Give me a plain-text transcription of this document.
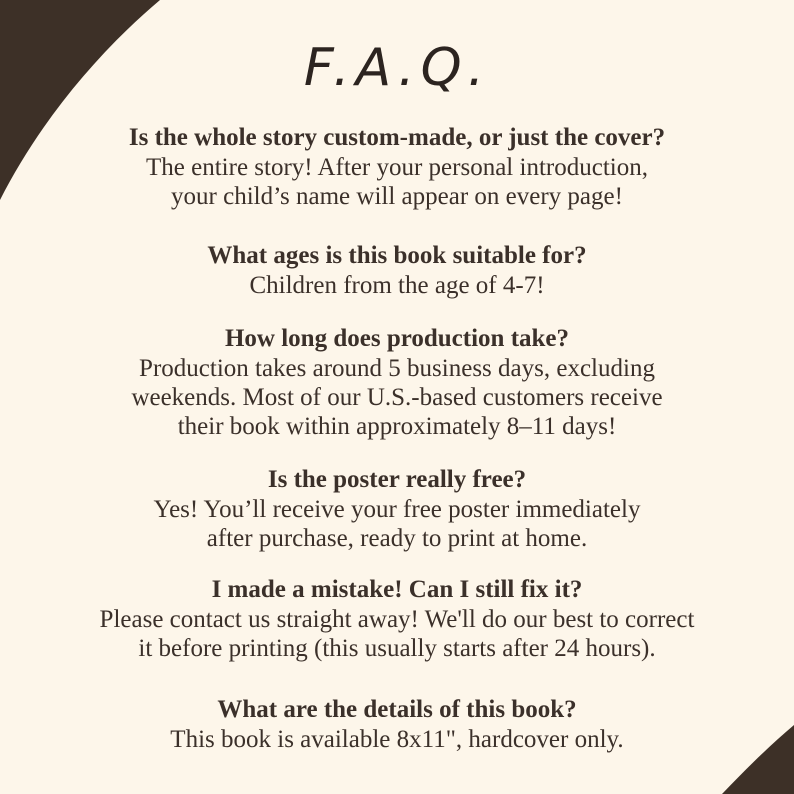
F.A.Q.
Is the whole story custom-made, or just the cover?
The entire story! After your personal introduction,
your child’s name will appear on every page!
What ages is this book suitable for?
Children from the age of 4-7!
How long does production take?
Production takes around 5 business days, excluding
weekends. Most of our U.S.-based customers receive
their book within approximately 8–11 days!
Is the poster really free?
Yes! You’ll receive your free poster immediately
after purchase, ready to print at home.
I made a mistake! Can I still fix it?
Please contact us straight away! We'll do our best to correct
it before printing (this usually starts after 24 hours).
What are the details of this book?
This book is available 8x11", hardcover only.
